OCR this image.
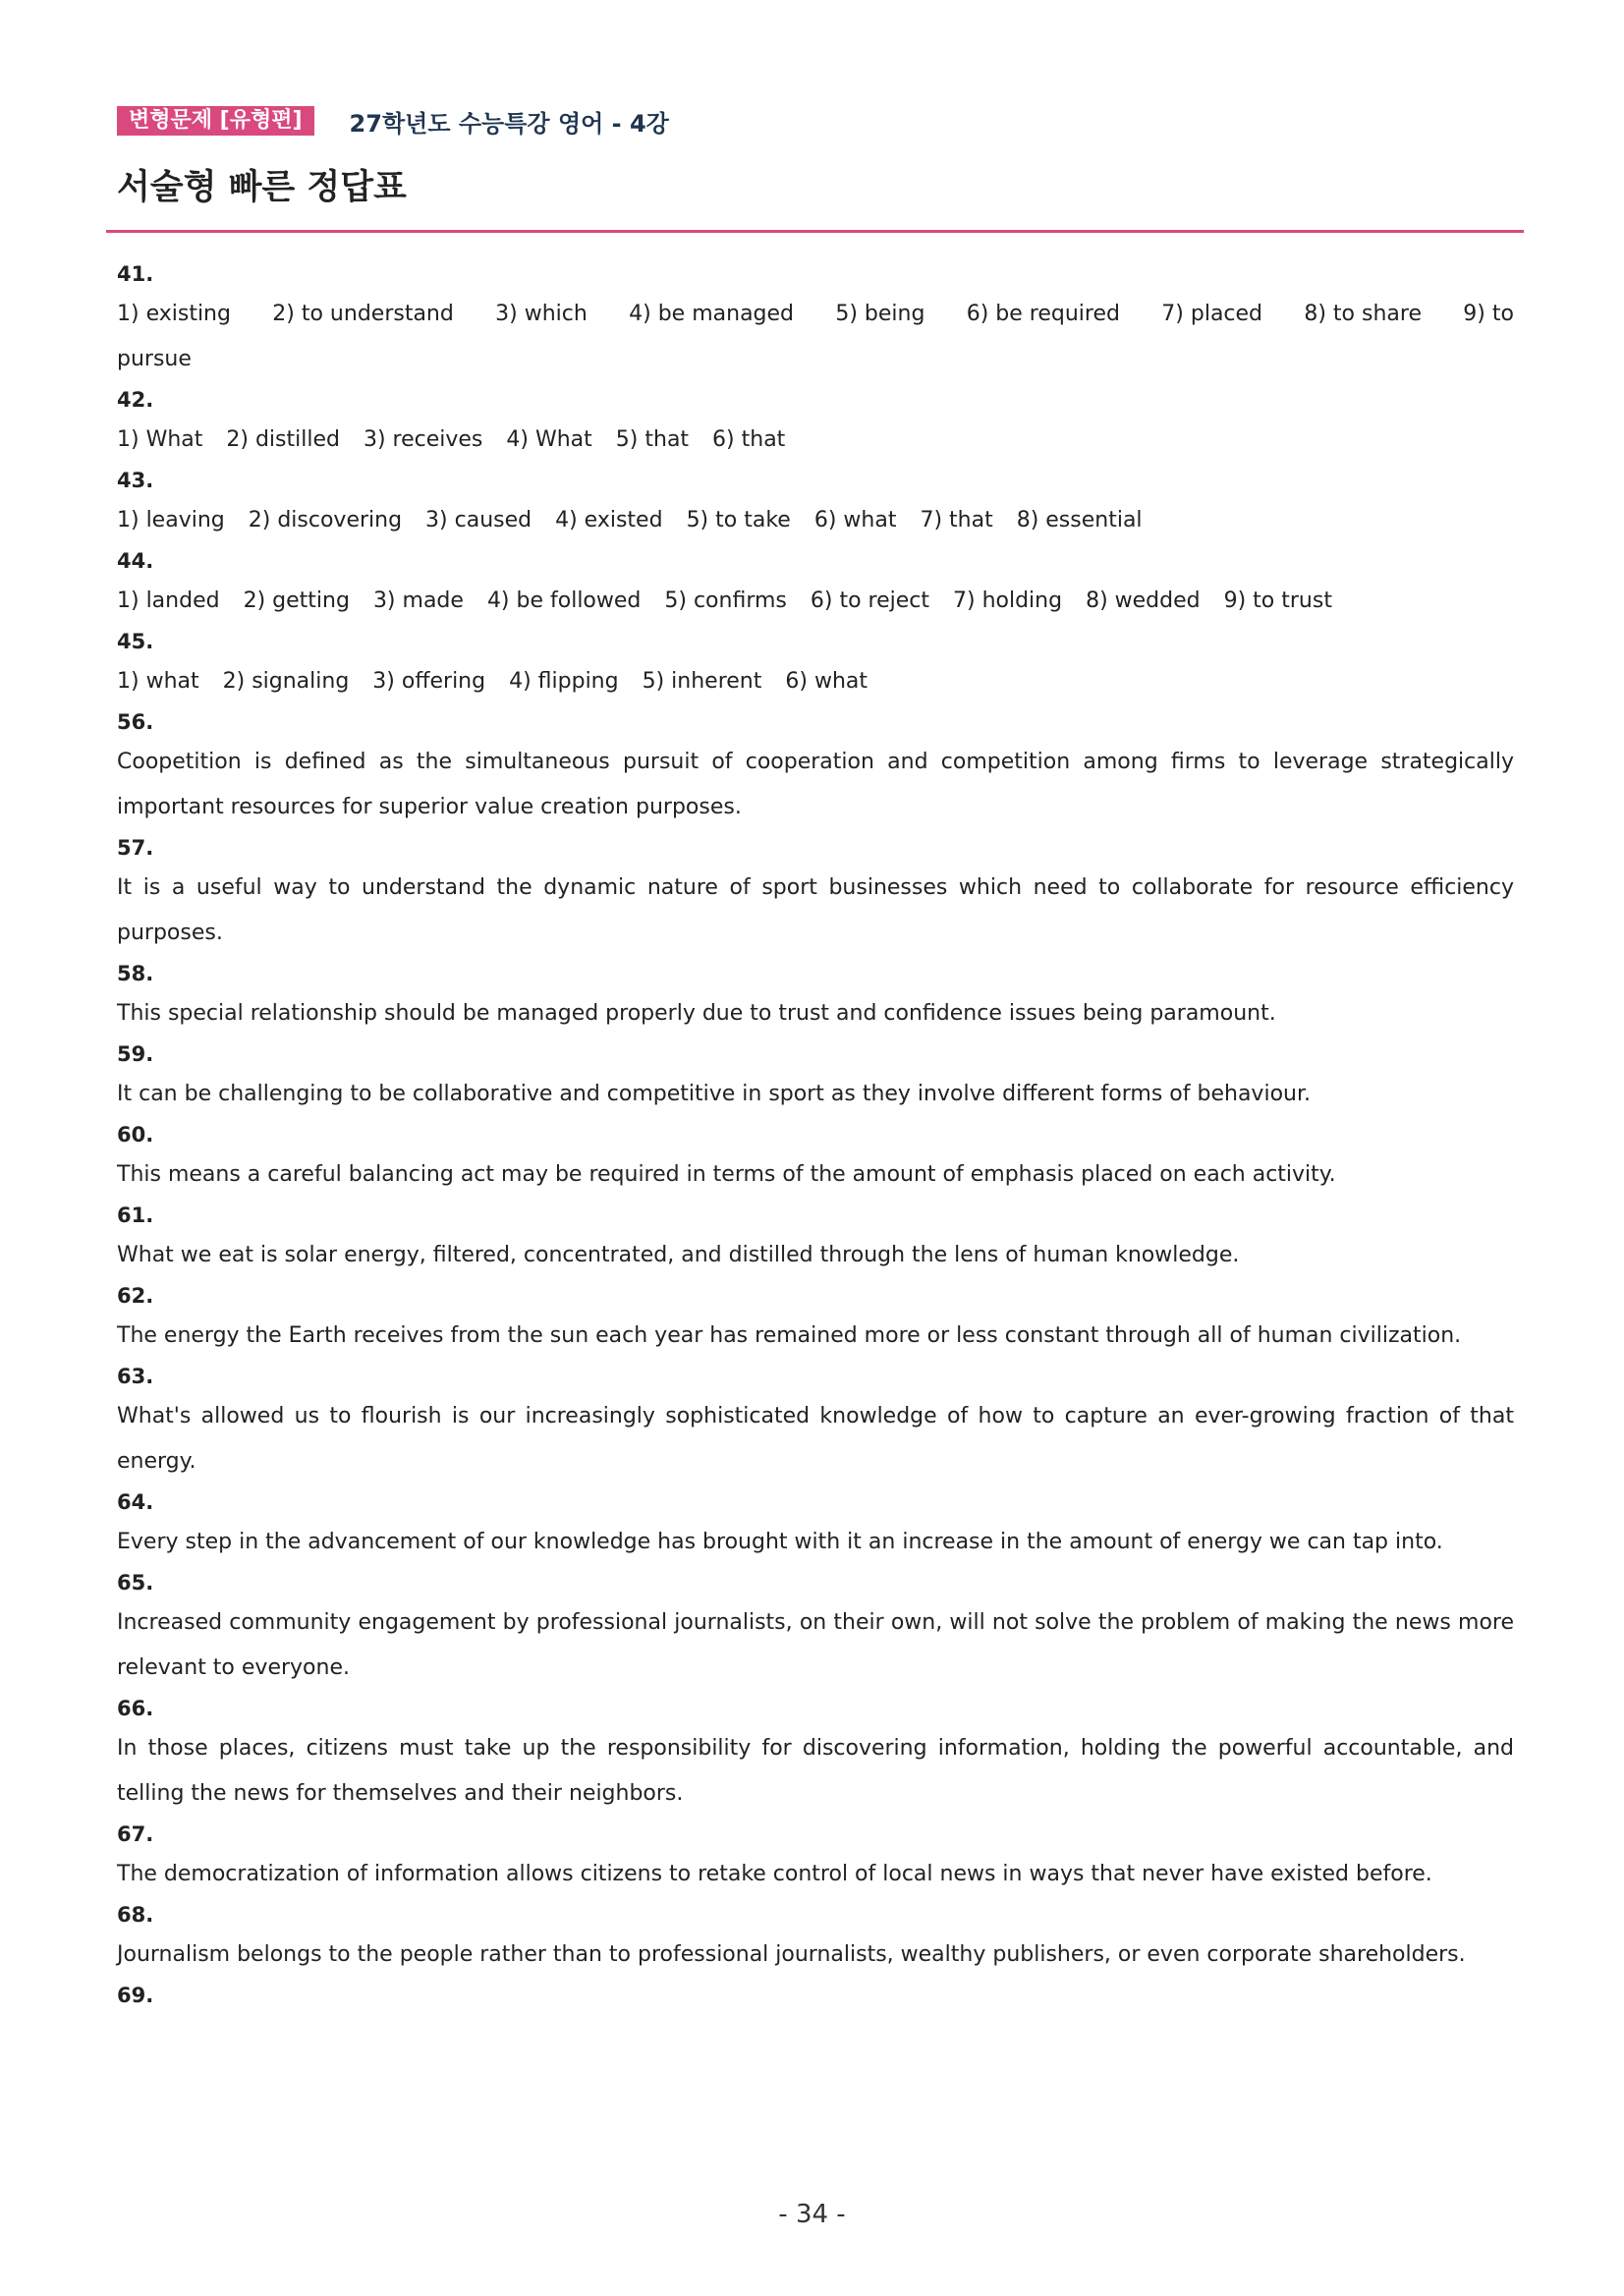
변형문제 [유형편]	27학년도 수능특강 영어 - 4강
서술형 빠른 정답표
41.
1) existing 2) to understand 3) which 4) be managed 5) being 6) be required 7) placed 8) to share 9) to
pursue
42.
1) What 2) distilled 3) receives 4) What 5) that 6) that
43.
1) leaving 2) discovering 3) caused 4) existed 5) to take 6) what 7) that 8) essential
44.
1) landed 2) getting 3) made 4) be followed 5) confirms 6) to reject 7) holding 8) wedded 9) to trust
45.
1) what 2) signaling 3) offering 4) flipping 5) inherent 6) what
56.

Coopetition is defined as the simultaneous pursuit of cooperation and competition among firms to leverage strategically important resources for superior value creation purposes.

57.

It is a useful way to understand the dynamic nature of sport businesses which need to collaborate for resource efficiency purposes.

58.

This special relationship should be managed properly due to trust and confidence issues being paramount.

59.

It can be challenging to be collaborative and competitive in sport as they involve different forms of behaviour.

60.

This means a careful balancing act may be required in terms of the amount of emphasis placed on each activity.

61.

What we eat is solar energy, filtered, concentrated, and distilled through the lens of human knowledge.

62.

The energy the Earth receives from the sun each year has remained more or less constant through all of human civilization.

63.

What's allowed us to flourish is our increasingly sophisticated knowledge of how to capture an ever-growing fraction of that energy.

64.

Every step in the advancement of our knowledge has brought with it an increase in the amount of energy we can tap into.

65.

Increased community engagement by professional journalists, on their own, will not solve the problem of making the news more relevant to everyone.

66.

In those places, citizens must take up the responsibility for discovering information, holding the powerful accountable, and telling the news for themselves and their neighbors.

67.

The democratization of information allows citizens to retake control of local news in ways that never have existed before.

68.

Journalism belongs to the people rather than to professional journalists, wealthy publishers, or even corporate shareholders.

69.
- 34 -
